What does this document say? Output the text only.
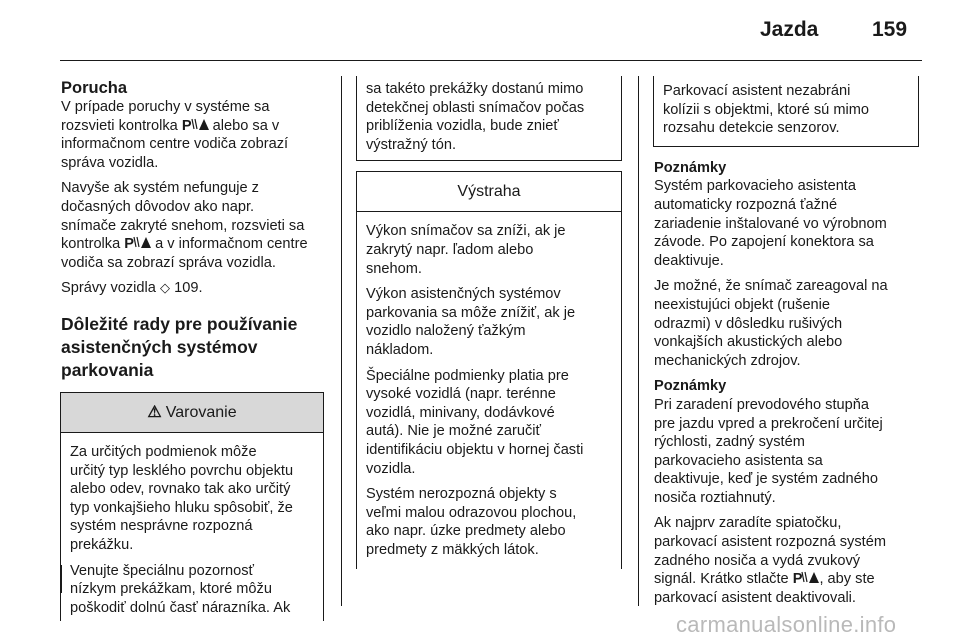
Jazda	159
Porucha

V prípade poruchy v systéme sa
rozsvieti kontrolka P alebo sa v
informačnom centre vodiča zobrazí
správa vozidla.

Navyše ak systém nefunguje z
dočasných dôvodov ako napr.
snímače zakryté snehom, rozsvieti sa
kontrolka P a v informačnom centre
vodiča sa zobrazí správa vozidla.

Správy vozidla ◇ 109.

Dôležité rady pre používanie
asistenčných systémov
parkovania
⚠ Varovanie

Za určitých podmienok môže
určitý typ lesklého povrchu objektu
alebo odev, rovnako tak ako určitý
typ vonkajšieho hluku spôsobiť, že
systém nesprávne rozpozná
prekážku.

Venujte špeciálnu pozornosť
nízkym prekážkam, ktoré môžu
poškodiť dolnú časť nárazníka. Ak

sa takéto prekážky dostanú mimo
detekčnej oblasti snímačov počas
priblíženia vozidla, bude znieť
výstražný tón.

Výstraha

Výkon snímačov sa zníži, ak je
zakrytý napr. ľadom alebo
snehom.

Výkon asistenčných systémov
parkovania sa môže znížiť, ak je
vozidlo naložený ťažkým
nákladom.

Špeciálne podmienky platia pre
vysoké vozidlá (napr. terénne
vozidlá, minivany, dodávkové
autá). Nie je možné zaručiť
identifikáciu objektu v hornej časti
vozidla.

Systém nerozpozná objekty s
veľmi malou odrazovou plochou,
ako napr. úzke predmety alebo
predmety z mäkkých látok.

Parkovací asistent nezabráni
kolízii s objektmi, ktoré sú mimo
rozsahu detekcie senzorov.

Poznámky

Systém parkovacieho asistenta
automaticky rozpozná ťažné
zariadenie inštalované vo výrobnom
závode. Po zapojení konektora sa
deaktivuje.

Je možné, že snímač zareagoval na
neexistujúci objekt (rušenie
odrazmi) v dôsledku rušivých
vonkajších akustických alebo
mechanických zdrojov.

Poznámky

Pri zaradení prevodového stupňa
pre jazdu vpred a prekročení určitej
rýchlosti, zadný systém
parkovacieho asistenta sa
deaktivuje, keď je systém zadného
nosiča roztiahnutý.

Ak najprv zaradíte spiatočku,
parkovací asistent rozpozná systém
zadného nosiča a vydá zvukový
signál. Krátko stlačte P , aby ste
parkovací asistent deaktivovali.

carmanualsonline.info
